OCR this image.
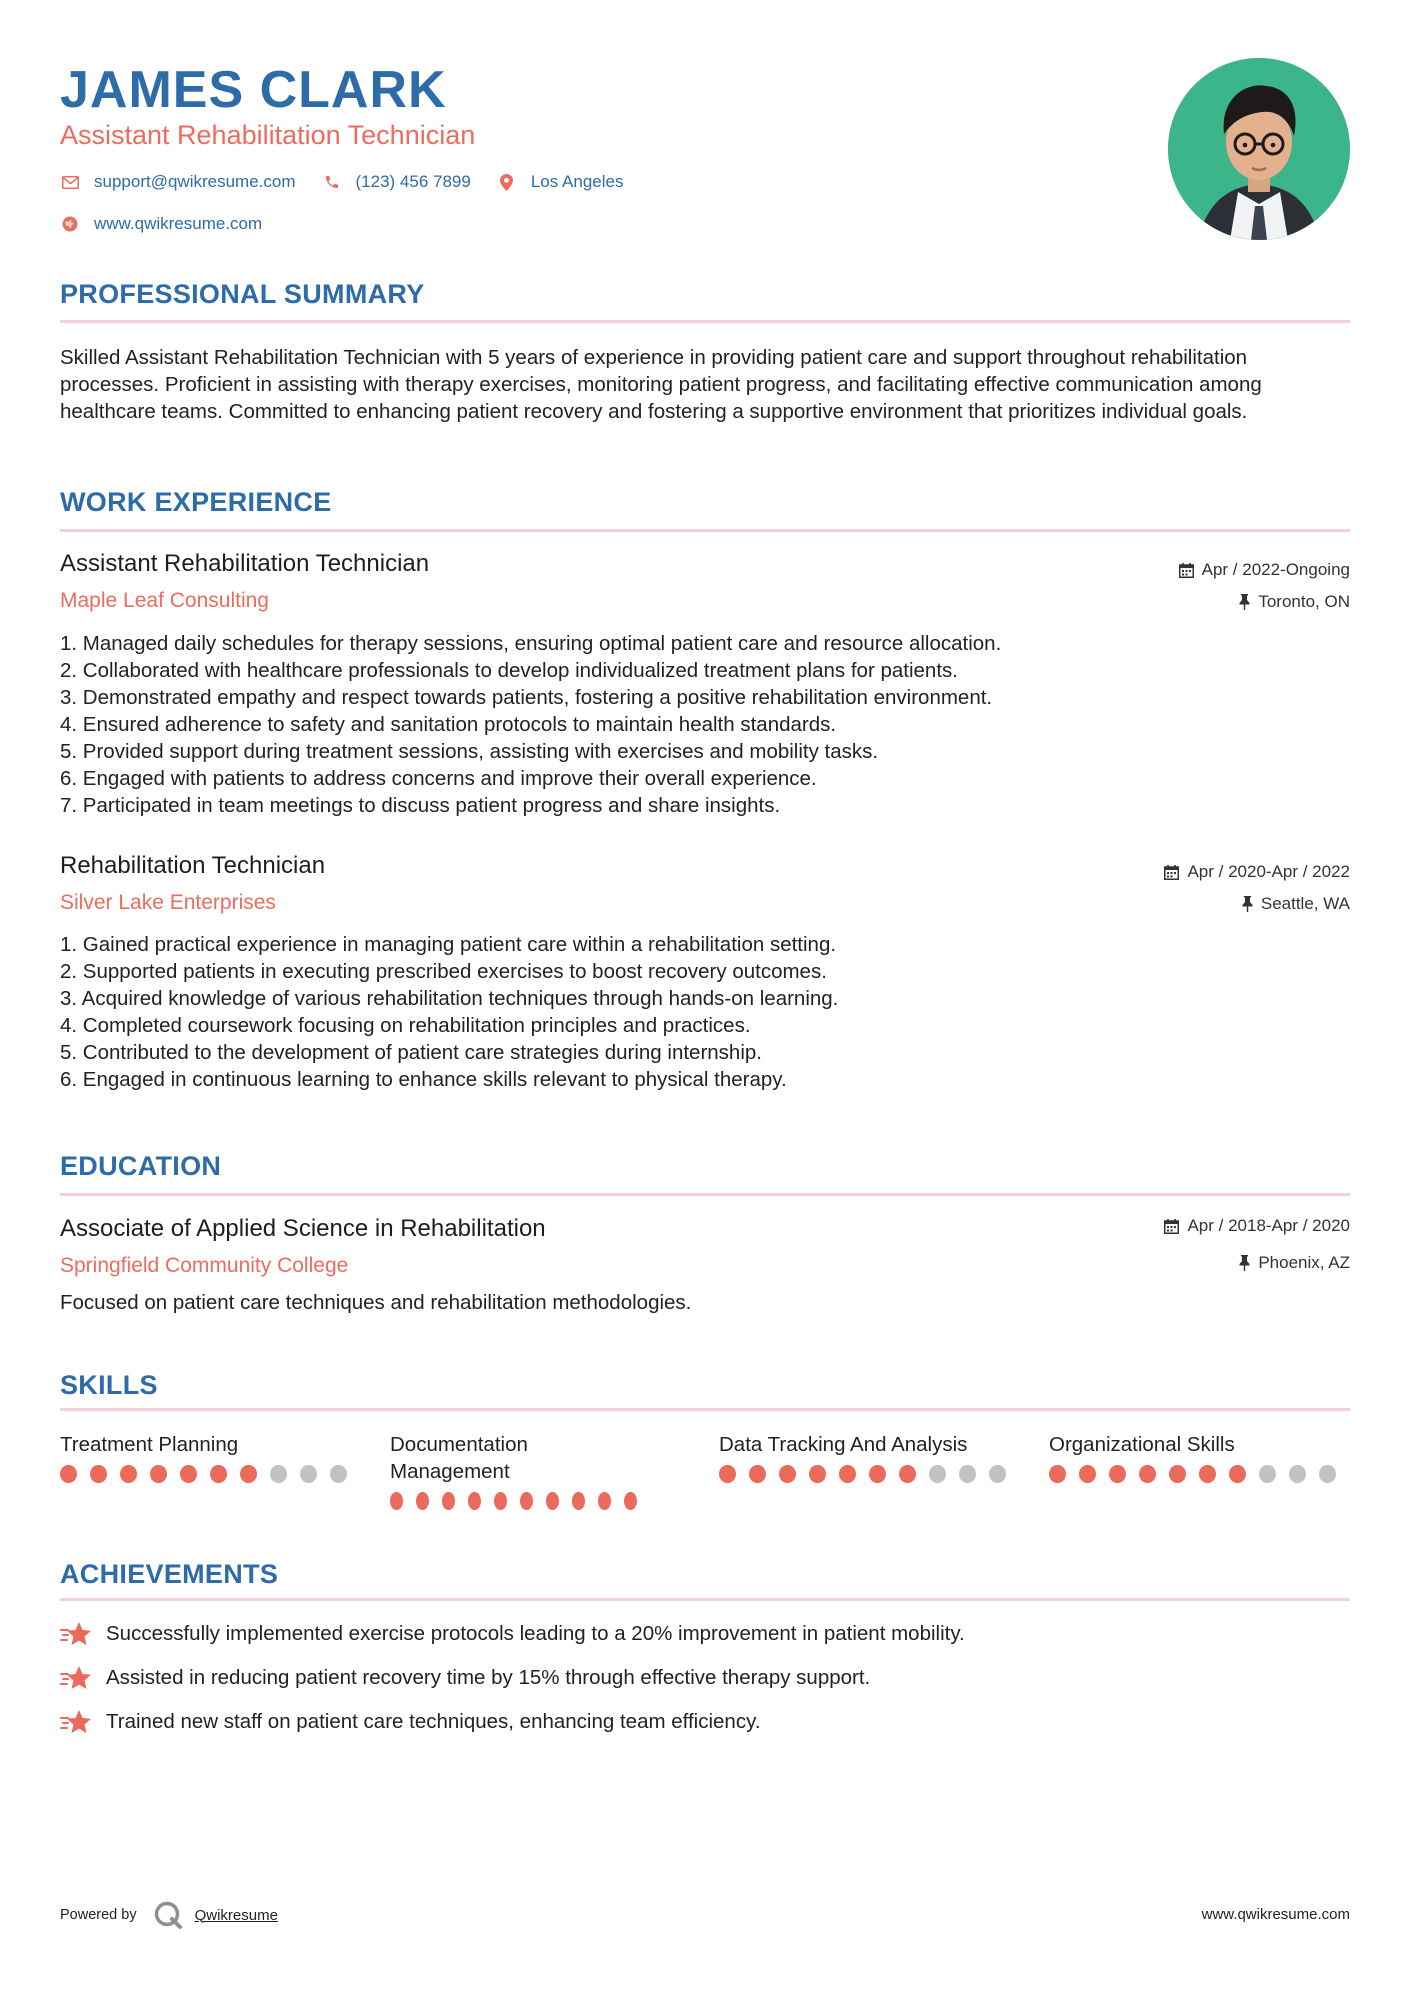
JAMES CLARK
Assistant Rehabilitation Technician
support@qwikresume.com	(123) 456 7899	Los Angeles
www.qwikresume.com
PROFESSIONAL SUMMARY
Skilled Assistant Rehabilitation Technician with 5 years of experience in providing patient care and support throughout rehabilitation processes. Proficient in assisting with therapy exercises, monitoring patient progress, and facilitating effective communication among healthcare teams. Committed to enhancing patient recovery and fostering a supportive environment that prioritizes individual goals.
WORK EXPERIENCE
Assistant Rehabilitation Technician
Maple Leaf Consulting
Apr / 2022-Ongoing
Toronto, ON
1. Managed daily schedules for therapy sessions, ensuring optimal patient care and resource allocation.
2. Collaborated with healthcare professionals to develop individualized treatment plans for patients.
3. Demonstrated empathy and respect towards patients, fostering a positive rehabilitation environment.
4. Ensured adherence to safety and sanitation protocols to maintain health standards.
5. Provided support during treatment sessions, assisting with exercises and mobility tasks.
6. Engaged with patients to address concerns and improve their overall experience.
7. Participated in team meetings to discuss patient progress and share insights.
Rehabilitation Technician
Silver Lake Enterprises
Apr / 2020-Apr / 2022
Seattle, WA
1. Gained practical experience in managing patient care within a rehabilitation setting.
2. Supported patients in executing prescribed exercises to boost recovery outcomes.
3. Acquired knowledge of various rehabilitation techniques through hands-on learning.
4. Completed coursework focusing on rehabilitation principles and practices.
5. Contributed to the development of patient care strategies during internship.
6. Engaged in continuous learning to enhance skills relevant to physical therapy.
EDUCATION
Associate of Applied Science in Rehabilitation
Springfield Community College
Apr / 2018-Apr / 2020
Phoenix, AZ
Focused on patient care techniques and rehabilitation methodologies.
SKILLS
Treatment Planning	Documentation Management
Data Tracking And Analysis	Organizational Skills
ACHIEVEMENTS
Successfully implemented exercise protocols leading to a 20% improvement in patient mobility.
Assisted in reducing patient recovery time by 15% through effective therapy support.
Trained new staff on patient care techniques, enhancing team efficiency.
Powered by	Qwikresume	www.qwikresume.com
